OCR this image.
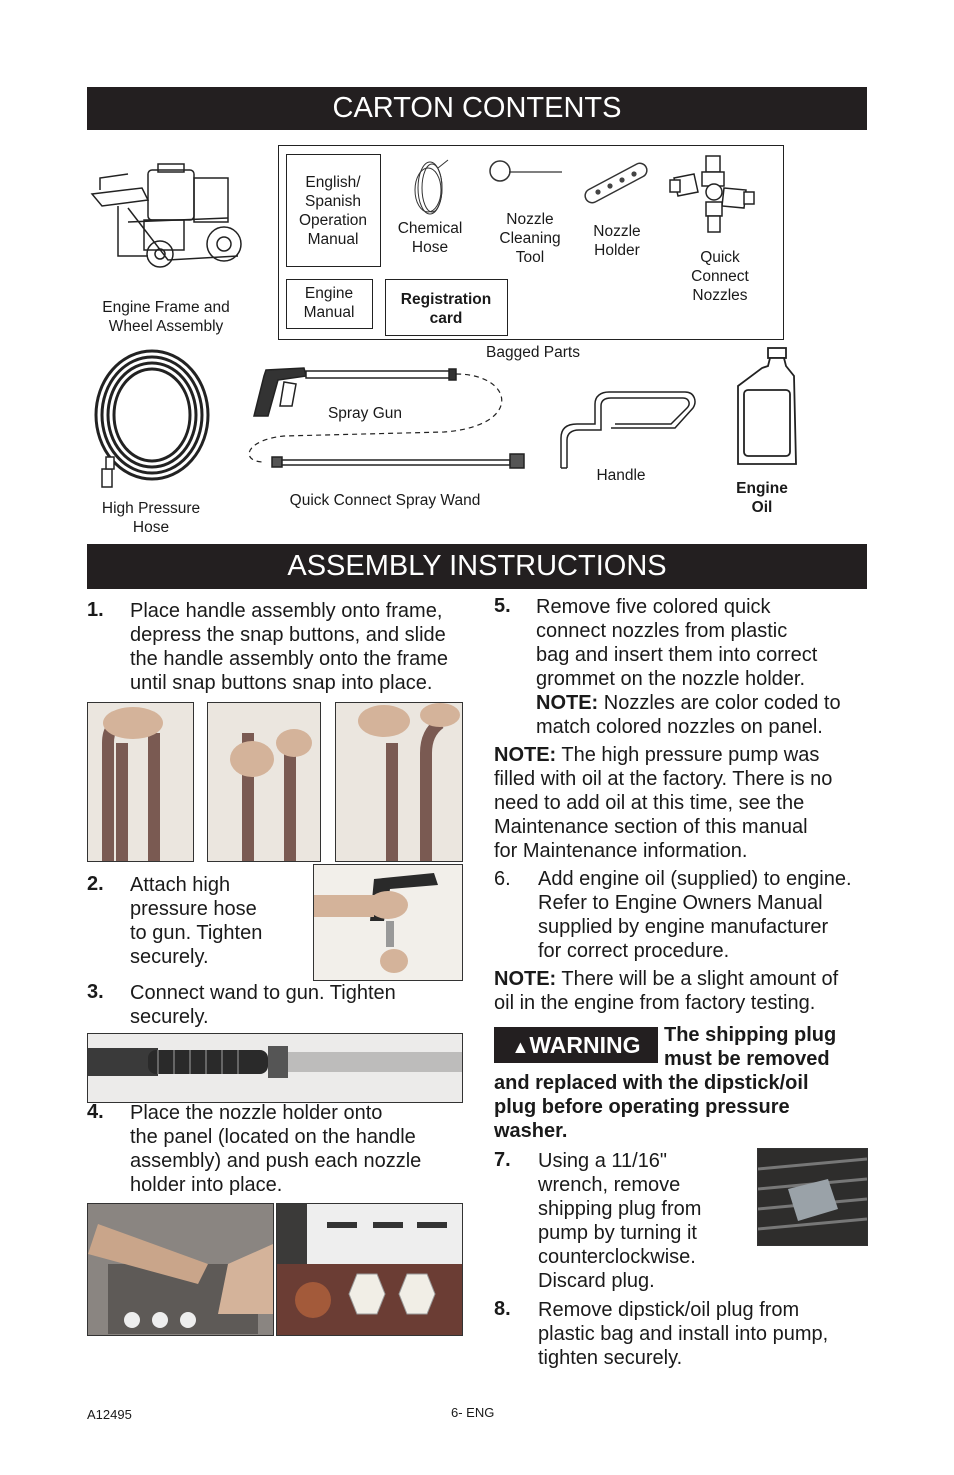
CARTON CONTENTS
English/
Spanish
Operation
Manual
Chemical
Hose
Nozzle
Cleaning
Tool
Nozzle
Holder	Quick
Connect
Nozzles
Engine
Manual
Registration
card
Engine Frame and
Wheel Assembly
Bagged Parts
High Pressure
Hose
Spray Gun
Quick Connect Spray Wand
Handle
Engine
Oil
ASSEMBLY INSTRUCTIONS
1. Place handle assembly onto frame,
depress the snap buttons, and slide
the handle assembly onto the frame
until snap buttons snap into place.
2. Attach high
pressure hose
to gun. Tighten
securely.
3. Connect wand to gun. Tighten
securely.
4. Place the nozzle holder onto
the panel (located on the handle
assembly) and push each nozzle
holder into place.
5. Remove five colored quick
connect nozzles from plastic
bag and insert them into correct
grommet on the nozzle holder.
NOTE: Nozzles are color coded to
match colored nozzles on panel.
NOTE: The high pressure pump was
filled with oil at the factory. There is no
need to add oil at this time, see the
Maintenance section of this manual
for Maintenance information.
6. Add engine oil (supplied) to engine.
Refer to Engine Owners Manual
supplied by engine manufacturer
for correct procedure.
NOTE: There will be a slight amount of
oil in the engine from factory testing.
▲WARNING	The shipping plug
must be removed
and replaced with the dipstick/oil
plug before operating pressure
washer.
7. Using a 11/16"
wrench, remove
shipping plug from
pump by turning it
counterclockwise.
Discard plug.
8. Remove dipstick/oil plug from
plastic bag and install into pump,
tighten securely.
A12495	6- ENG
